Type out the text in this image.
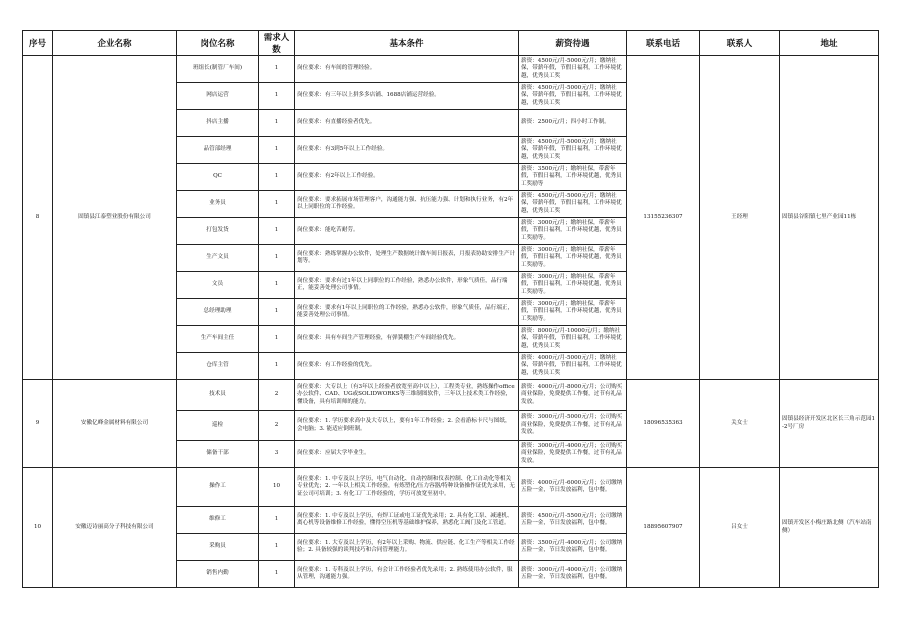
序号	企业名称	岗位名称	需求人数	基本条件	薪资待遇	联系电话	联系人	地址
8	固镇县江泰塑业股份有限公司	班组长(制管厂车间)	1	岗位要求：有车间的管理经验。	薪资：4500元/月-5000元/月；缴纳社保，带薪年假，节假日福利，工作环境优越，优秀员工奖	13155236307	王经理	固镇县谷阳镇七里产业园11栋
		网店运营	1	岗位要求：有三年以上拼多多店铺、1688店铺运营经验。	薪资：4500元/月-5000元/月；缴纳社保，带薪年假，节假日福利，工作环境优越，优秀员工奖			
		抖店主播	1	岗位要求：有直播经验者优先。	薪资：2500元/月；四小时工作制。			
		品管部经理	1	岗位要求：有3到5年以上工作经验。	薪资：4500元/月-5000元/月；缴纳社保，带薪年假，节假日福利，工作环境优越，优秀员工奖			
		QC	1	岗位要求：有2年以上工作经验。	薪资：3500元/月；缴纳社保，带薪年假，节假日福利，工作环境优越，优秀员工奖励等			
		业务员	1	岗位要求：要求拓展市场管理客户，沟通能力强、抗压能力强、计划和执行业务，有2年以上同职位的工作经验。	薪资：4500元/月-5000元/月；缴纳社保，带薪年假，节假日福利，工作环境优越，优秀员工奖			
		打包发货	1	岗位要求：能吃苦耐劳。	薪资：3000元/月；缴纳社保，带薪年假，节假日福利，工作环境优越，优秀员工奖励等。			
		生产文员	1	岗位要求：熟练掌握办公软件，处理生产数据统计做车间日报表，月报表协助安排生产计划等。	薪资：3000元/月；缴纳社保，带薪年假，节假日福利，工作环境优越，优秀员工奖励等。			
		文员	1	岗位要求：要求有过1年以上同职位的工作经验，熟悉办公软件，形象气质佳，品行端正，能妥善处理公司事情。	薪资：3000元/月；缴纳社保，带薪年假，节假日福利，工作环境优越，优秀员工奖励等。			
		总经理助理	1	岗位要求：要求有1年以上同职位的工作经验，熟悉办公软件，形象气质佳，品行端正，能妥善处理公司事情。	薪资：3000元/月；缴纳社保，带薪年假，节假日福利，工作环境优越，优秀员工奖励等。			
		生产车间主任	1	岗位要求：具有车间生产管理经验，有弹簧棚生产车间经验优先。	薪资：8000元/月-10000元/月；缴纳社保，带薪年假，节假日福利，工作环境优越，优秀员工奖			
		仓库主管	1	岗位要求：有工作经验的优先。	薪资：4000元/月-5000元/月；缴纳社保，带薪年假，节假日福利，工作环境优越，优秀员工奖			
9	安徽亿峰金属材料有限公司	技术员	2	岗位要求：大专以上（有3年以上经验者放宽至高中以上），工程类专业，熟练操作office办公软件、CAD、UG或SOLIDWORKS等三维制图软件，三年以上技术类工作经验，懂设备，具有培训师的能力。	薪资：4000元/月-8000元/月；公司购买商业保险，免费提供工作餐，过节有礼品发放。	18096535363	关女士	固镇县经济开发区北区长三角示范园1-2号厂房
		巡检	2	岗位要求：1. 学历要求高中及大专以上，要有1年工作经验；2. 会看游标卡尺与图纸，会电脑；3. 能适应倒班制。	薪资：3000元/月-5000元/月；公司购买商业保险，免费提供工作餐，过节有礼品发放。			
		储备干部	3	岗位要求：应届大学毕业生。	薪资：3000元/月-4000元/月；公司购买商业保险，免费提供工作餐，过节有礼品发放。			
10	安徽迈诗丽高分子科技有限公司	操作工	10	岗位要求：1. 中专及以上学历，电气自动化、自动控制和仪表控制、化工自动化等相关专业优先；2. 一年以上相关工作经验，有炼塑化/压力容器/特种设备操作证优先录用，无证公司可培训；3. 有化工厂工作经验的，学历可放宽至初中。	薪资：4000元/月-6000元/月；公司缴纳五险一金，节日发放福利，包中餐。	18895607907	吕女士	固镇开发区小梅庄路北侧（汽车站南侧）
		维修工	1	岗位要求：1. 中专及以上学历，有焊工证或电工证优先录用；2. 具有化工泵、减速机、离心机等设备维修工作经验，懂得空压机等基础维护保养，熟悉化工阀门及化工管道。	薪资：4500元/月-5500元/月；公司缴纳五险一金，节日发放福利，包中餐。			
		采购员	1	岗位要求：1. 大专及以上学历，有2年以上采购、物流、供应链、化工生产等相关工作经验；2. 具备较强的谈判技巧和合同管理能力。	薪资：3500元/月-4000元/月；公司缴纳五险一金，节日发放福利，包中餐。			
		销售内勤	1	岗位要求：1. 专科及以上学历，有会计工作经验者优先录用；2. 熟练使用办公软件，服从管理，沟通能力强。	薪资：3000元/月-4000元/月；公司缴纳五险一金，节日发放福利，包中餐。			
